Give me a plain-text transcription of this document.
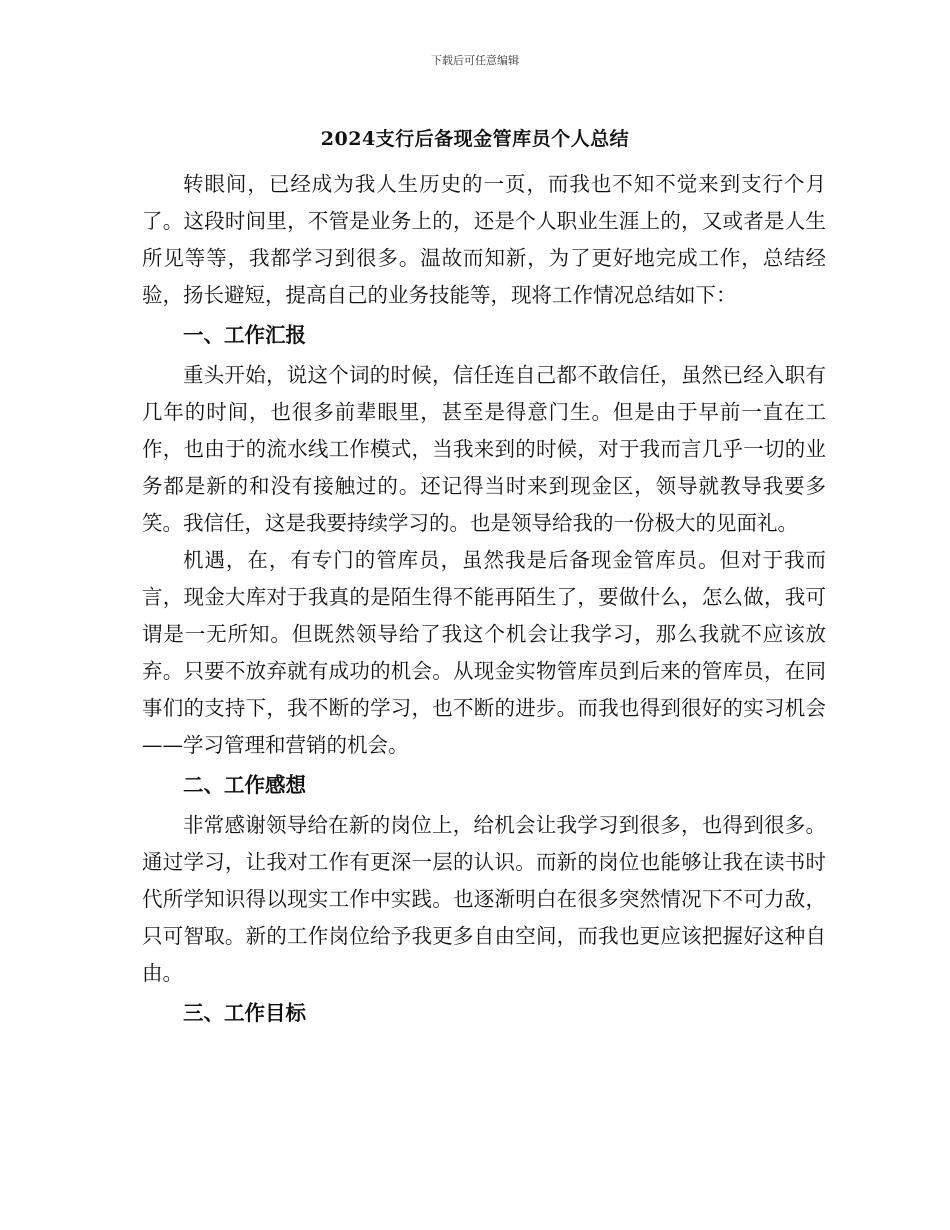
下载后可任意编辑
2024支行后备现金管库员个人总结

转眼间，已经成为我人生历史的一页，而我也不知不觉来到支行个月了。这段时间里，不管是业务上的，还是个人职业生涯上的，又或者是人生所见等等，我都学习到很多。温故而知新，为了更好地完成工作，总结经验，扬长避短，提高自己的业务技能等，现将工作情况总结如下：

一、工作汇报

重头开始，说这个词的时候，信任连自己都不敢信任，虽然已经入职有几年的时间，也很多前辈眼里，甚至是得意门生。但是由于早前一直在工作，也由于的流水线工作模式，当我来到的时候，对于我而言几乎一切的业务都是新的和没有接触过的。还记得当时来到现金区，领导就教导我要多笑。我信任，这是我要持续学习的。也是领导给我的一份极大的见面礼。

机遇，在，有专门的管库员，虽然我是后备现金管库员。但对于我而言，现金大库对于我真的是陌生得不能再陌生了，要做什么，怎么做，我可谓是一无所知。但既然领导给了我这个机会让我学习，那么我就不应该放弃。只要不放弃就有成功的机会。从现金实物管库员到后来的管库员，在同事们的支持下，我不断的学习，也不断的进步。而我也得到很好的实习机会——学习管理和营销的机会。

二、工作感想

非常感谢领导给在新的岗位上，给机会让我学习到很多，也得到很多。通过学习，让我对工作有更深一层的认识。而新的岗位也能够让我在读书时代所学知识得以现实工作中实践。也逐渐明白在很多突然情况下不可力敌，只可智取。新的工作岗位给予我更多自由空间，而我也更应该把握好这种自由。

三、工作目标
